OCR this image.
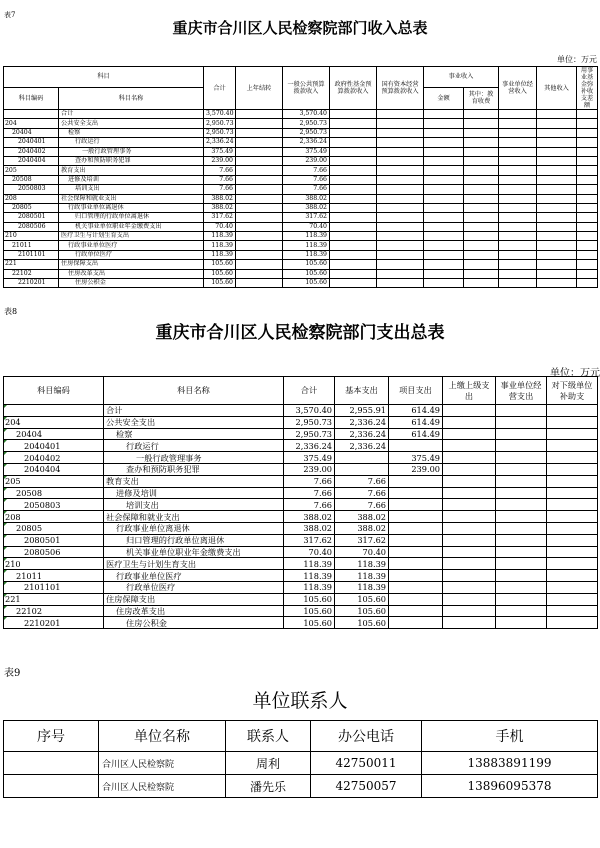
表7
重庆市合川区人民检察院部门收入总表
单位：万元
科目		合计	上年结转	一般公共预算拨款收入	政府性基金预算拨款收入	国有资本经营预算拨款收入	事业收入		事业单位经营收入	其他收入	用事业基金弥补收支差额
科目编码	科目名称						金额	其中：教育收费			
	合计	3,570.40		3,570.40							
204	公共安全支出	2,950.73		2,950.73							
20404	检察	2,950.73		2,950.73							
2040401	行政运行	2,336.24		2,336.24							
2040402	一般行政管理事务	375.49		375.49							
2040404	查办和预防职务犯罪	239.00		239.00							
205	教育支出	7.66		7.66							
20508	进修及培训	7.66		7.66							
2050803	培训支出	7.66		7.66							
208	社会保障和就业支出	388.02		388.02							
20805	行政事业单位离退休	388.02		388.02							
2080501	归口管理的行政单位离退休	317.62		317.62							
2080506	机关事业单位职业年金缴费支出	70.40		70.40							
210	医疗卫生与计划生育支出	118.39		118.39							
21011	行政事业单位医疗	118.39		118.39							
2101101	行政单位医疗	118.39		118.39							
221	住房保障支出	105.60		105.60							
22102	住房改革支出	105.60		105.60							
2210201	住房公积金	105.60		105.60							
表8
重庆市合川区人民检察院部门支出总表
单位：万元
科目编码	科目名称	合计	基本支出	项目支出	上缴上级支出	事业单位经营支出	对下级单位补助支
	合计	3,570.40	2,955.91	614.49			
204	公共安全支出	2,950.73	2,336.24	614.49			
20404	检察	2,950.73	2,336.24	614.49			
2040401	行政运行	2,336.24	2,336.24				
2040402	一般行政管理事务	375.49		375.49			
2040404	查办和预防职务犯罪	239.00		239.00			
205	教育支出	7.66	7.66				
20508	进修及培训	7.66	7.66				
2050803	培训支出	7.66	7.66				
208	社会保障和就业支出	388.02	388.02				
20805	行政事业单位离退休	388.02	388.02				
2080501	归口管理的行政单位离退休	317.62	317.62				
2080506	机关事业单位职业年金缴费支出	70.40	70.40				
210	医疗卫生与计划生育支出	118.39	118.39				
21011	行政事业单位医疗	118.39	118.39				
2101101	行政单位医疗	118.39	118.39				
221	住房保障支出	105.60	105.60				
22102	住房改革支出	105.60	105.60				
2210201	住房公积金	105.60	105.60				
表9
单位联系人
序号	单位名称	联系人	办公电话	手机
	合川区人民检察院	周利	42750011	13883891199
	合川区人民检察院	潘先乐	42750057	13896095378
